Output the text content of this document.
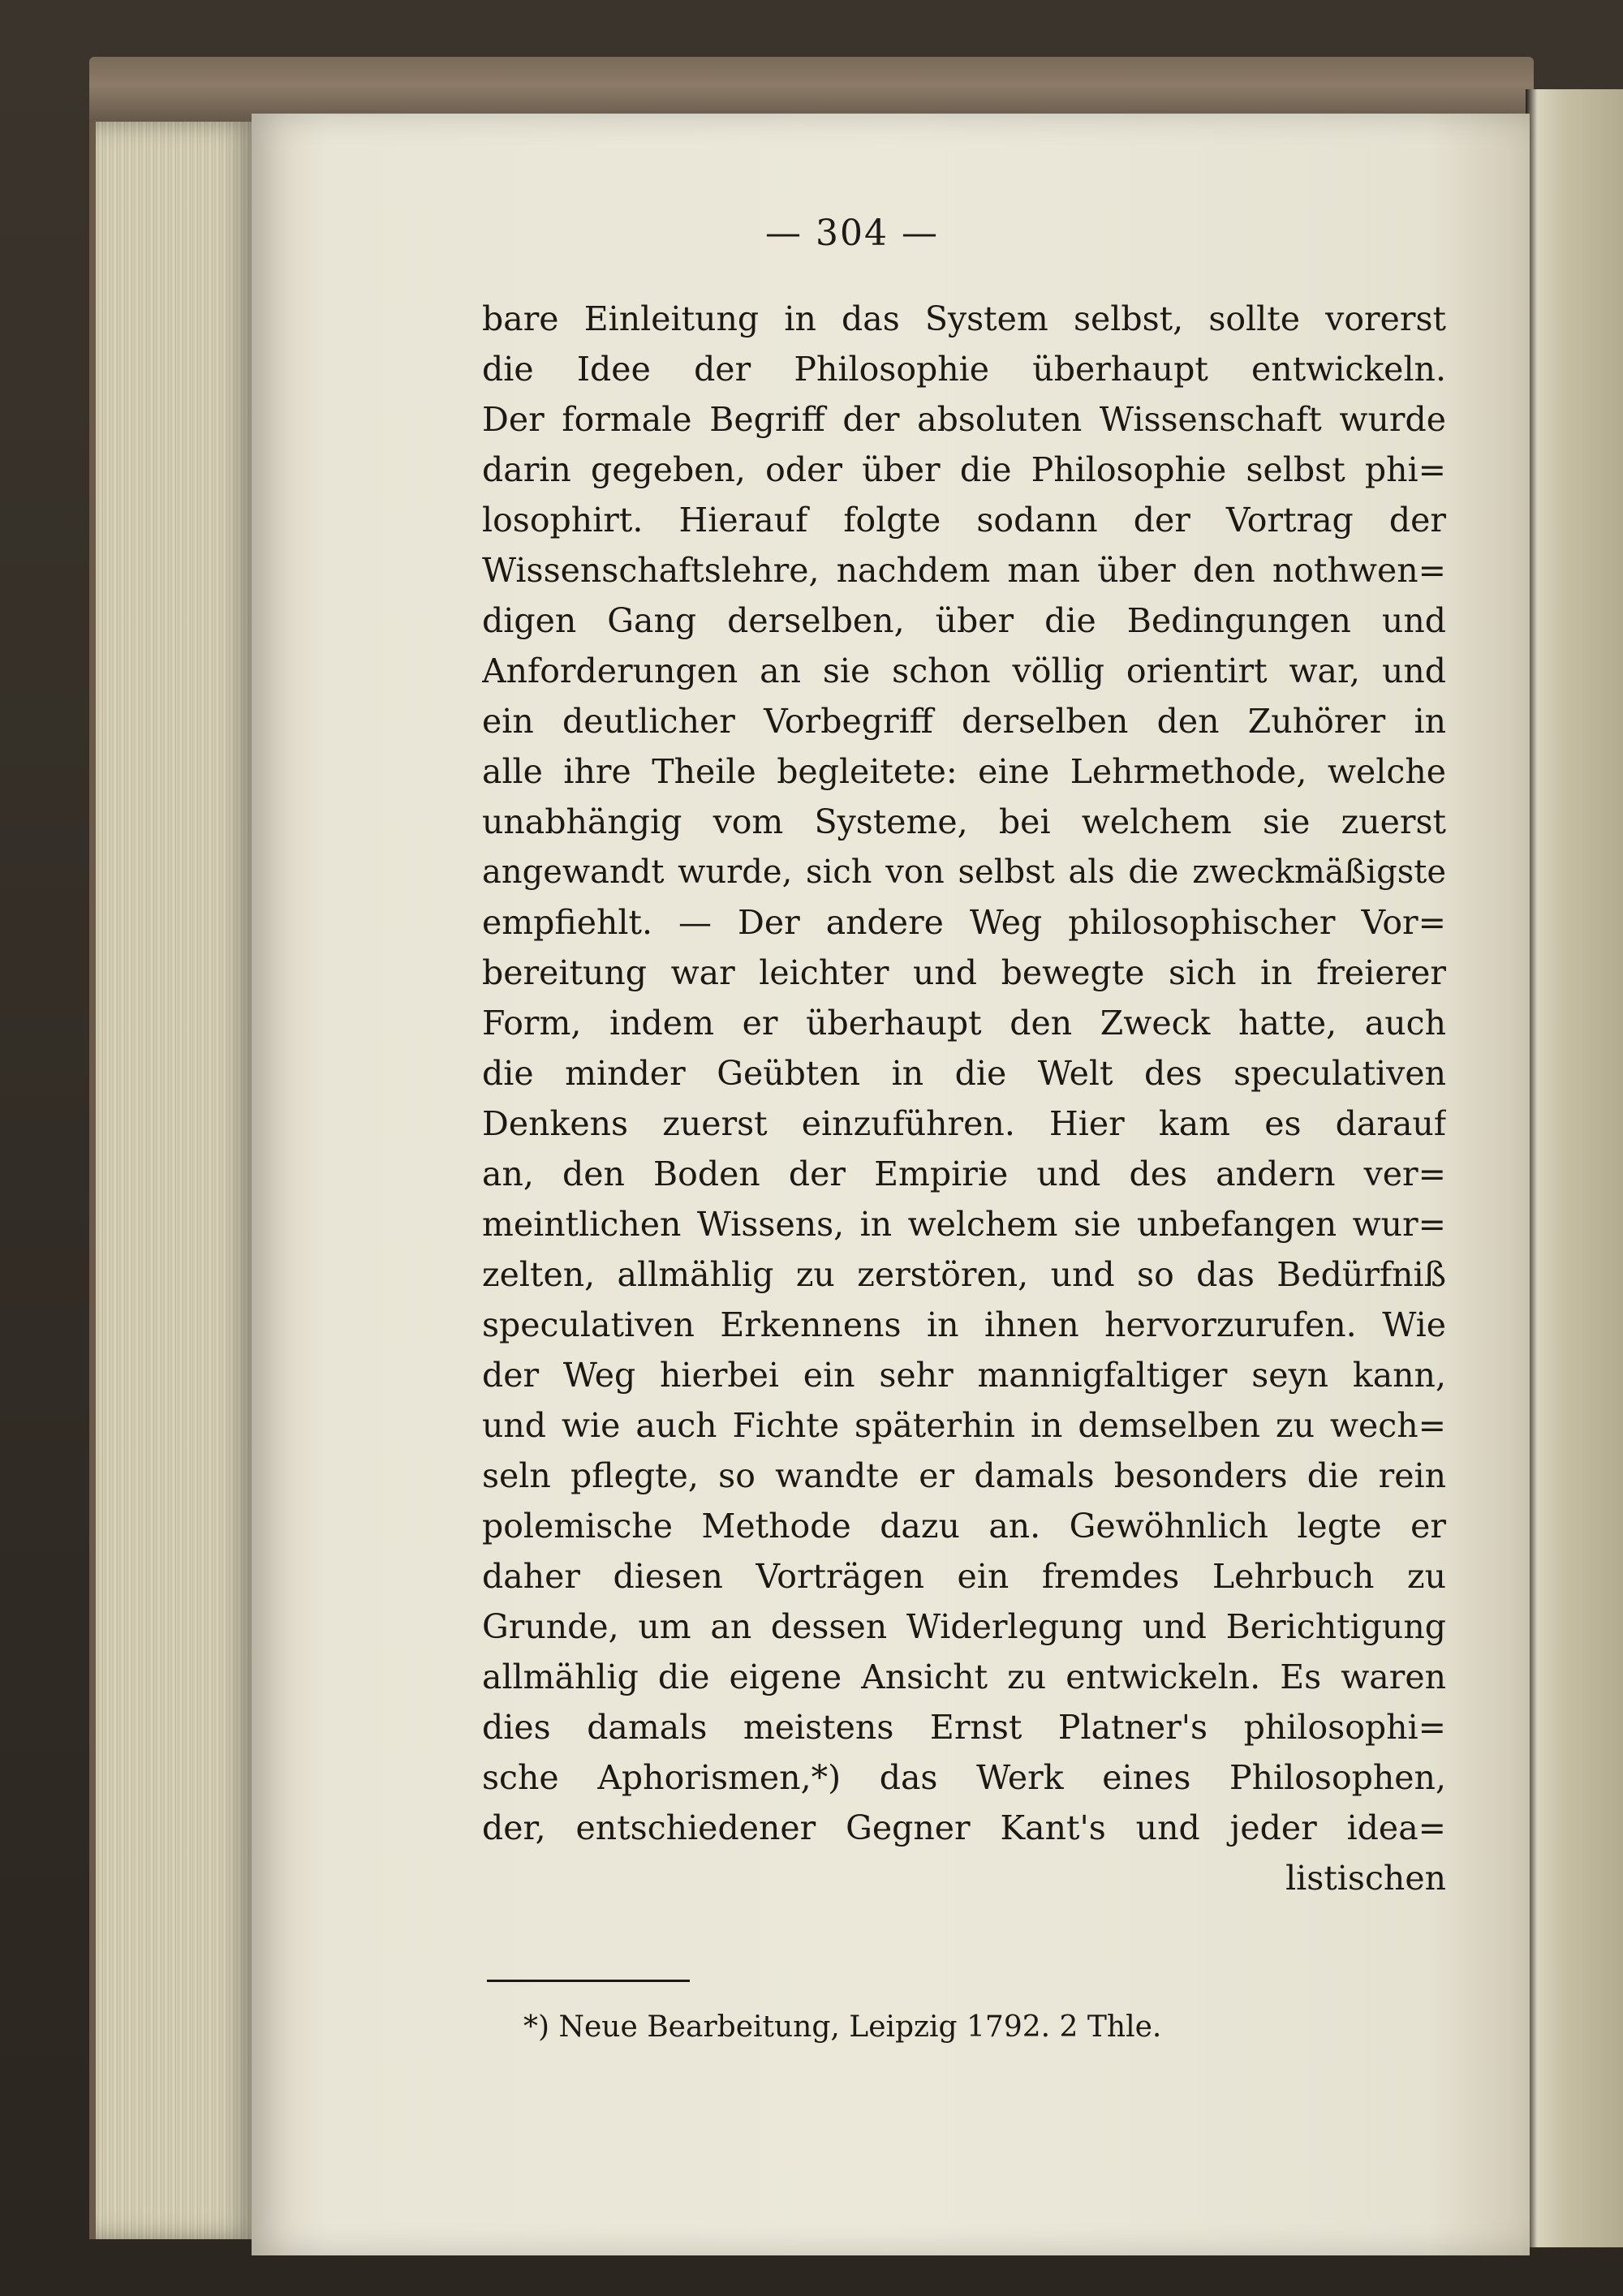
— 304 —
bare Einleitung in das System selbst, sollte vorerst
die Idee der Philosophie überhaupt entwickeln.
Der formale Begriff der absoluten Wissenschaft wurde
darin gegeben, oder über die Philosophie selbst phi=
losophirt. Hierauf folgte sodann der Vortrag der
Wissenschaftslehre, nachdem man über den nothwen=
digen Gang derselben, über die Bedingungen und
Anforderungen an sie schon völlig orientirt war, und
ein deutlicher Vorbegriff derselben den Zuhörer in
alle ihre Theile begleitete: eine Lehrmethode, welche
unabhängig vom Systeme, bei welchem sie zuerst
angewandt wurde, sich von selbst als die zweckmäßigste
empfiehlt. — Der andere Weg philosophischer Vor=
bereitung war leichter und bewegte sich in freierer
Form, indem er überhaupt den Zweck hatte, auch
die minder Geübten in die Welt des speculativen
Denkens zuerst einzuführen. Hier kam es darauf
an, den Boden der Empirie und des andern ver=
meintlichen Wissens, in welchem sie unbefangen wur=
zelten, allmählig zu zerstören, und so das Bedürfniß
speculativen Erkennens in ihnen hervorzurufen. Wie
der Weg hierbei ein sehr mannigfaltiger seyn kann,
und wie auch Fichte späterhin in demselben zu wech=
seln pflegte, so wandte er damals besonders die rein
polemische Methode dazu an. Gewöhnlich legte er
daher diesen Vorträgen ein fremdes Lehrbuch zu
Grunde, um an dessen Widerlegung und Berichtigung
allmählig die eigene Ansicht zu entwickeln. Es waren
dies damals meistens Ernst Platner's philosophi=
sche Aphorismen,*) das Werk eines Philosophen,
der, entschiedener Gegner Kant's und jeder idea=
listischen
*) Neue Bearbeitung, Leipzig 1792. 2 Thle.
